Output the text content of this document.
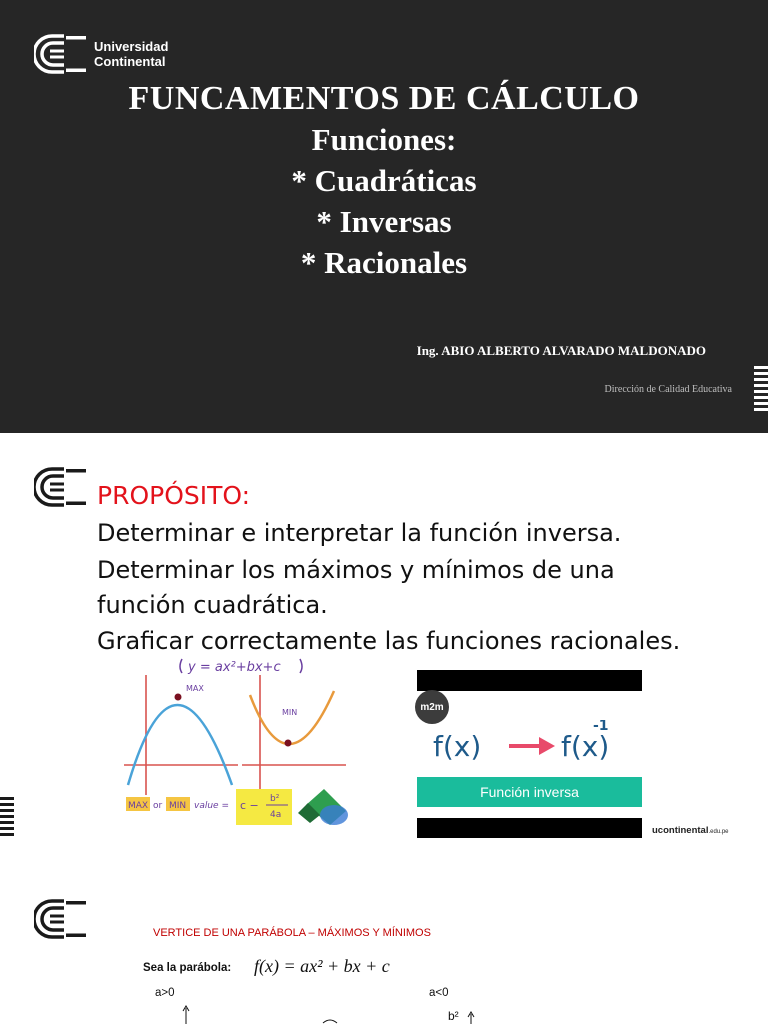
Universidad
Continental
FUNCAMENTOS DE CÁLCULO
Funciones:
* Cuadráticas
* Inversas
* Racionales
Ing. ABIO ALBERTO ALVARADO MALDONADO
Dirección de Calidad Educativa
PROPÓSITO:
Determinar e interpretar la función inversa.
Determinar los máximos y mínimos de una
función cuadrática.
Graficar correctamente las funciones racionales.
y = ax²+bx+c
MAX
MIN
MAX or MIN value = c − b²
4a
m2m
f(x)	f(x)
-1
Función inversa
ucontinental.edu.pe
VERTICE DE UNA PARÁBOLA – MÁXIMOS Y MÍNIMOS
Sea la parábola: f(x) = ax² + bx + c
a>0	a<0
b²
